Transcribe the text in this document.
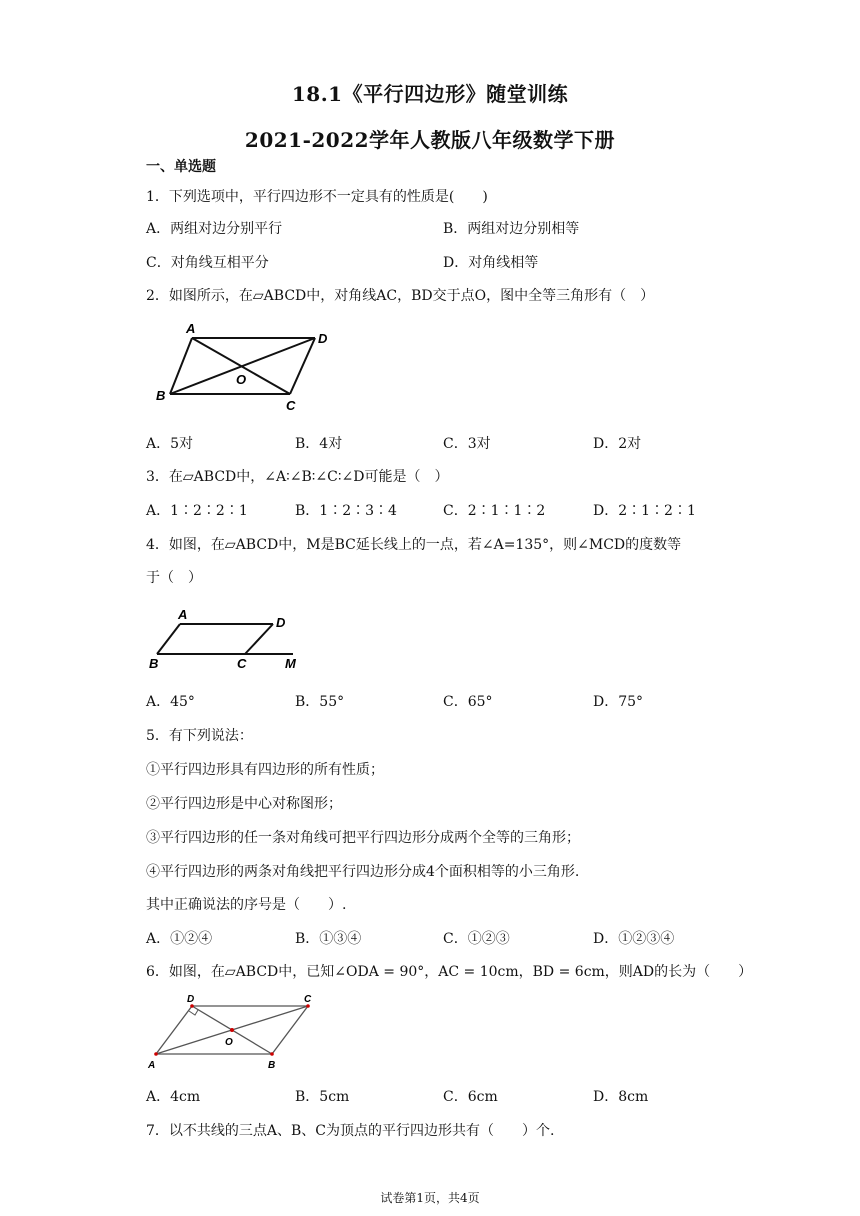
18.1《平行四边形》随堂训练
2021-2022学年人教版八年级数学下册
一、单选题
1．下列选项中，平行四边形不一定具有的性质是(　　)
A．两组对边分别平行	B．两组对边分别相等
C．对角线互相平分	D．对角线相等
2．如图所示，在▱ABCD中，对角线AC，BD交于点O，图中全等三角形有（　）
A
D
B
C
O
A．5对	B．4对	C．3对	D．2对
3．在▱ABCD中，∠A∶∠B∶∠C∶∠D可能是（　）
A．1∶2∶2∶1	B．1∶2∶3∶4	C．2∶1∶1∶2	D．2∶1∶2∶1
4．如图，在▱ABCD中，M是BC延长线上的一点，若∠A=135°，则∠MCD的度数等
于（　）
A
D
B	C	M
A．45°	B．55°	C．65°	D．75°
5．有下列说法：
①平行四边形具有四边形的所有性质；
②平行四边形是中心对称图形；
③平行四边形的任一条对角线可把平行四边形分成两个全等的三角形；
④平行四边形的两条对角线把平行四边形分成4个面积相等的小三角形.
其中正确说法的序号是（　　）.
A．①②④	B．①③④	C．①②③	D．①②③④
6．如图，在▱ABCD中，已知∠ODA = 90°，AC = 10cm，BD = 6cm，则AD的长为（　　）
D	C
A	B
O
A．4cm	B．5cm	C．6cm	D．8cm
7．以不共线的三点A、B、C为顶点的平行四边形共有（　　）个.
试卷第1页，共4页
